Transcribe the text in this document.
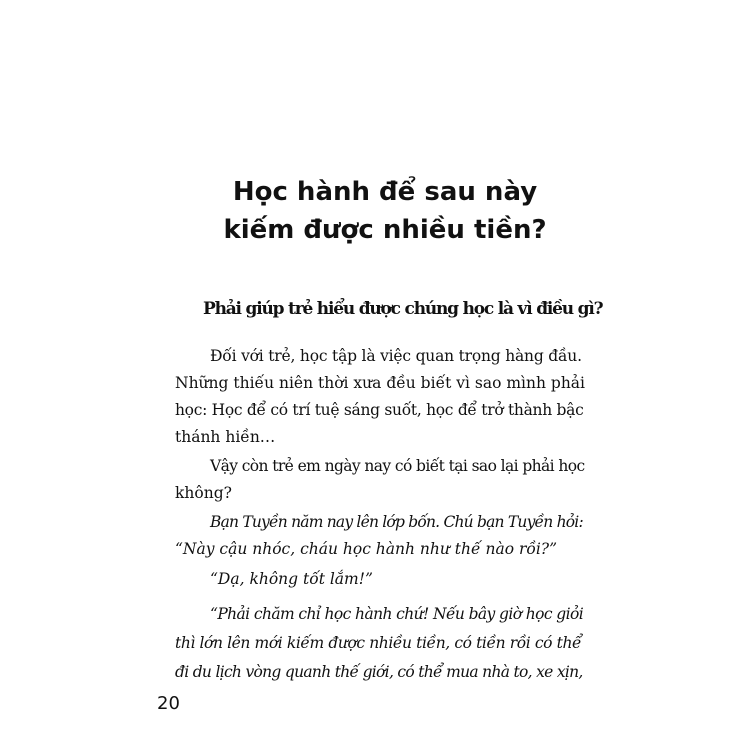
Học hành để sau này
kiếm được nhiều tiền?
Phải giúp trẻ hiểu được chúng học là vì điều gì?

Đối với trẻ, học tập là việc quan trọng hàng đầu.

Những thiếu niên thời xưa đều biết vì sao mình phải

học: Học để có trí tuệ sáng suốt, học để trở thành bậc

thánh hiền…

Vậy còn trẻ em ngày nay có biết tại sao lại phải học

không?

Bạn Tuyền năm nay lên lớp bốn. Chú bạn Tuyền hỏi:

“Này cậu nhóc, cháu học hành như thế nào rồi?”

“Dạ, không tốt lắm!”

“Phải chăm chỉ học hành chứ! Nếu bây giờ học giỏi

thì lớn lên mới kiếm được nhiều tiền, có tiền rồi có thể

đi du lịch vòng quanh thế giới, có thể mua nhà to, xe xịn,

20
